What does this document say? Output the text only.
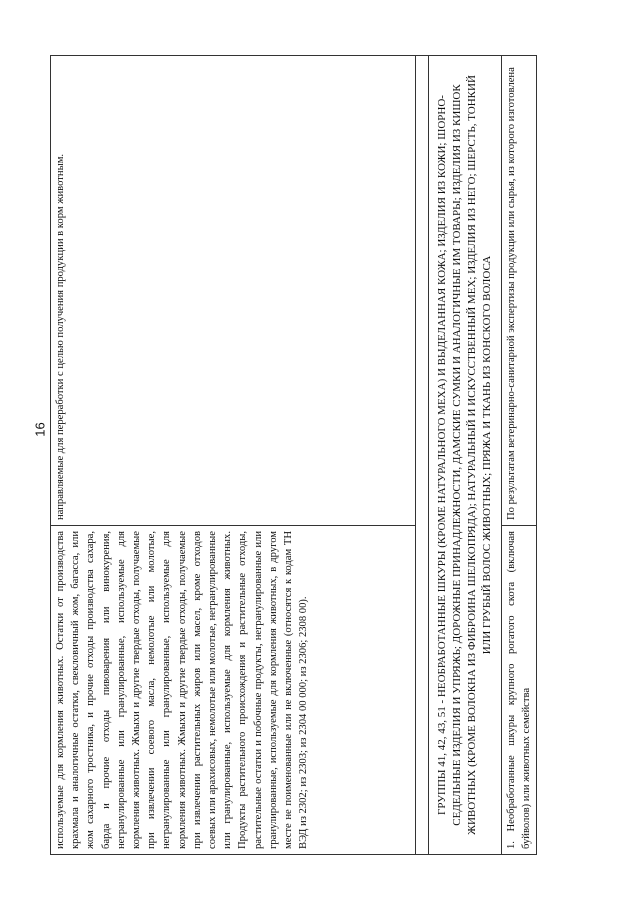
16
используемые для кормления животных. Остатки от производства крахмала и аналогичные остатки, свекловичный жом, багасса, или жом сахарного тростника, и прочие отходы производства сахара, барда и прочие отходы пивоварения или винокурения, негранулированные или гранулированные, используемые для кормления животных. Жмыхи и другие твердые отходы, получаемые при извлечении соевого масла, немолотые или молотые, негранулированные или гранулированные, используемые для кормления животных. Жмыхи и другие твердые отходы, получаемые при извлечении растительных жиров или масел, кроме отходов соевых или арахисовых, немолотые или молотые, негранулированные или гранулированные, используемые для кормления животных. Продукты растительного происхождения и растительные отходы, растительные остатки и побочные продукты, негранулированные или гранулированные, используемые для кормления животных, в другом месте не поименованные или не включенные (относятся к кодам ТН ВЭД из 2302; из 2303; из 2304 00 000; из 2306; 2308 00).	направляемые для переработки с целью получения продукции в корм животным.

ГРУППЫ 41, 42, 43, 51 - НЕОБРАБОТАННЫЕ ШКУРЫ (КРОМЕ НАТУРАЛЬНОГО МЕХА) И ВЫДЕЛАННАЯ КОЖА; ИЗДЕЛИЯ ИЗ КОЖИ; ШОРНО-СЕДЕЛЬНЫЕ ИЗДЕЛИЯ И УПРЯЖЬ; ДОРОЖНЫЕ ПРИНАДЛЕЖНОСТИ, ДАМСКИЕ СУМКИ И АНАЛОГИЧНЫЕ ИМ ТОВАРЫ; ИЗДЕЛИЯ ИЗ КИШОК ЖИВОТНЫХ (КРОМЕ ВОЛОКНА ИЗ ФИБРОИНА ШЕЛКОПРЯДА); НАТУРАЛЬНЫЙ И ИСКУССТВЕННЫЙ МЕХ; ИЗДЕЛИЯ ИЗ НЕГО; ШЕРСТЬ, ТОНКИЙ ИЛИ ГРУБЫЙ ВОЛОС ЖИВОТНЫХ; ПРЯЖА И ТКАНЬ ИЗ КОНСКОГО ВОЛОСА	
1. Необработанные шкуры крупного рогатого скота (включая буйволов) или животных семейства	По результатам ветеринарно-санитарной экспертизы продукции или сырья, из которого изготовлена
